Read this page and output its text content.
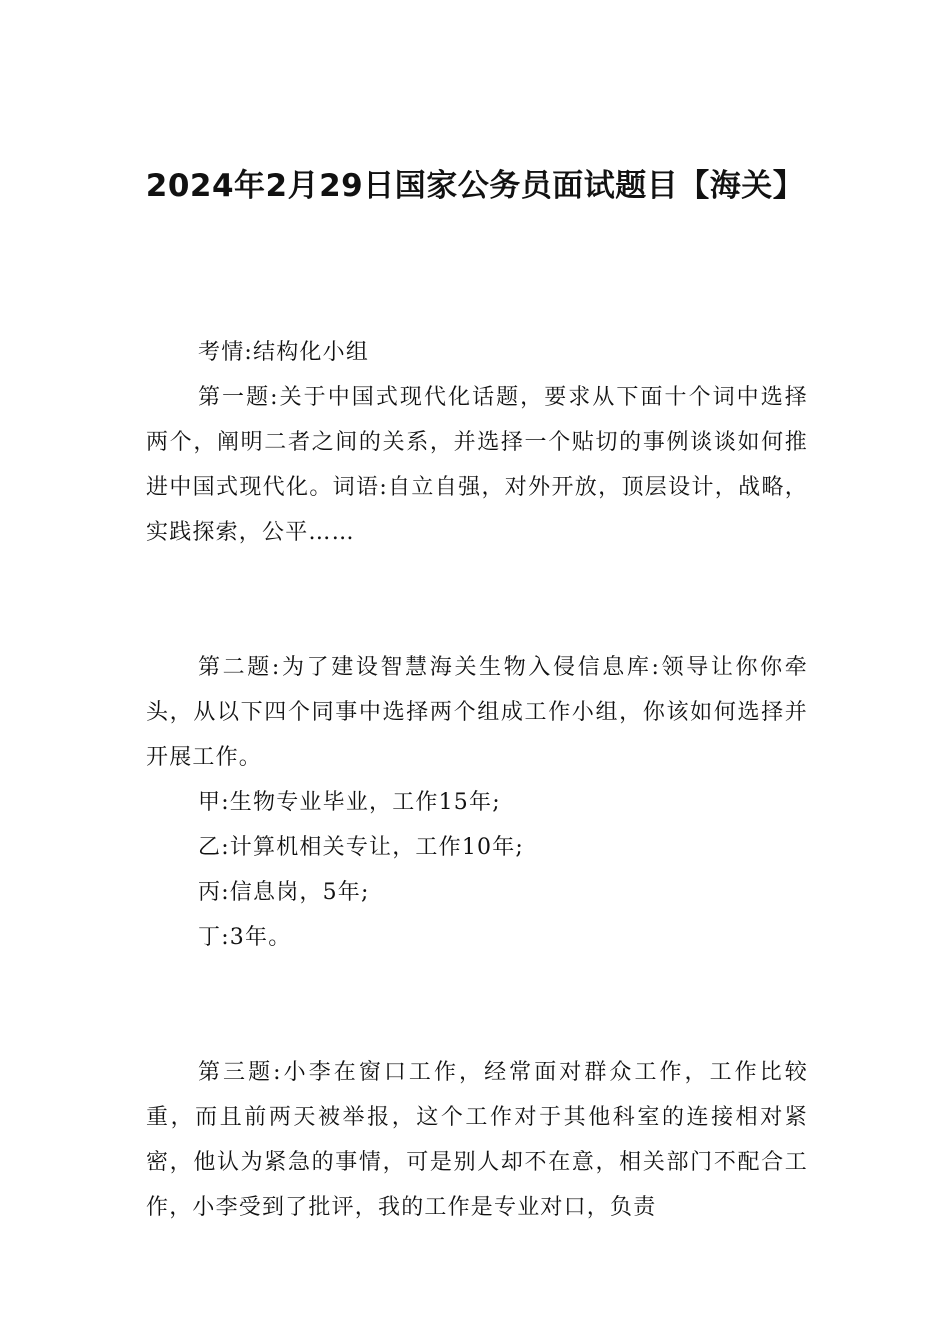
2024年2月29日国家公务员面试题目【海关】

考情:结构化小组

第一题:关于中国式现代化话题，要求从下面十个词中选择两个，阐明二者之间的关系，并选择一个贴切的事例谈谈如何推进中国式现代化。词语:自立自强，对外开放，顶层设计，战略，实践探索，公平……

第二题:为了建设智慧海关生物入侵信息库:领导让你你牵头，从以下四个同事中选择两个组成工作小组，你该如何选择并开展工作。

甲:生物专业毕业，工作15年;

乙:计算机相关专让，工作10年;

丙:信息岗，5年;

丁:3年。

第三题:小李在窗口工作，经常面对群众工作，工作比较重，而且前两天被举报，这个工作对于其他科室的连接相对紧密，他认为紧急的事情，可是别人却不在意，相关部门不配合工作，小李受到了批评，我的工作是专业对口，负责
